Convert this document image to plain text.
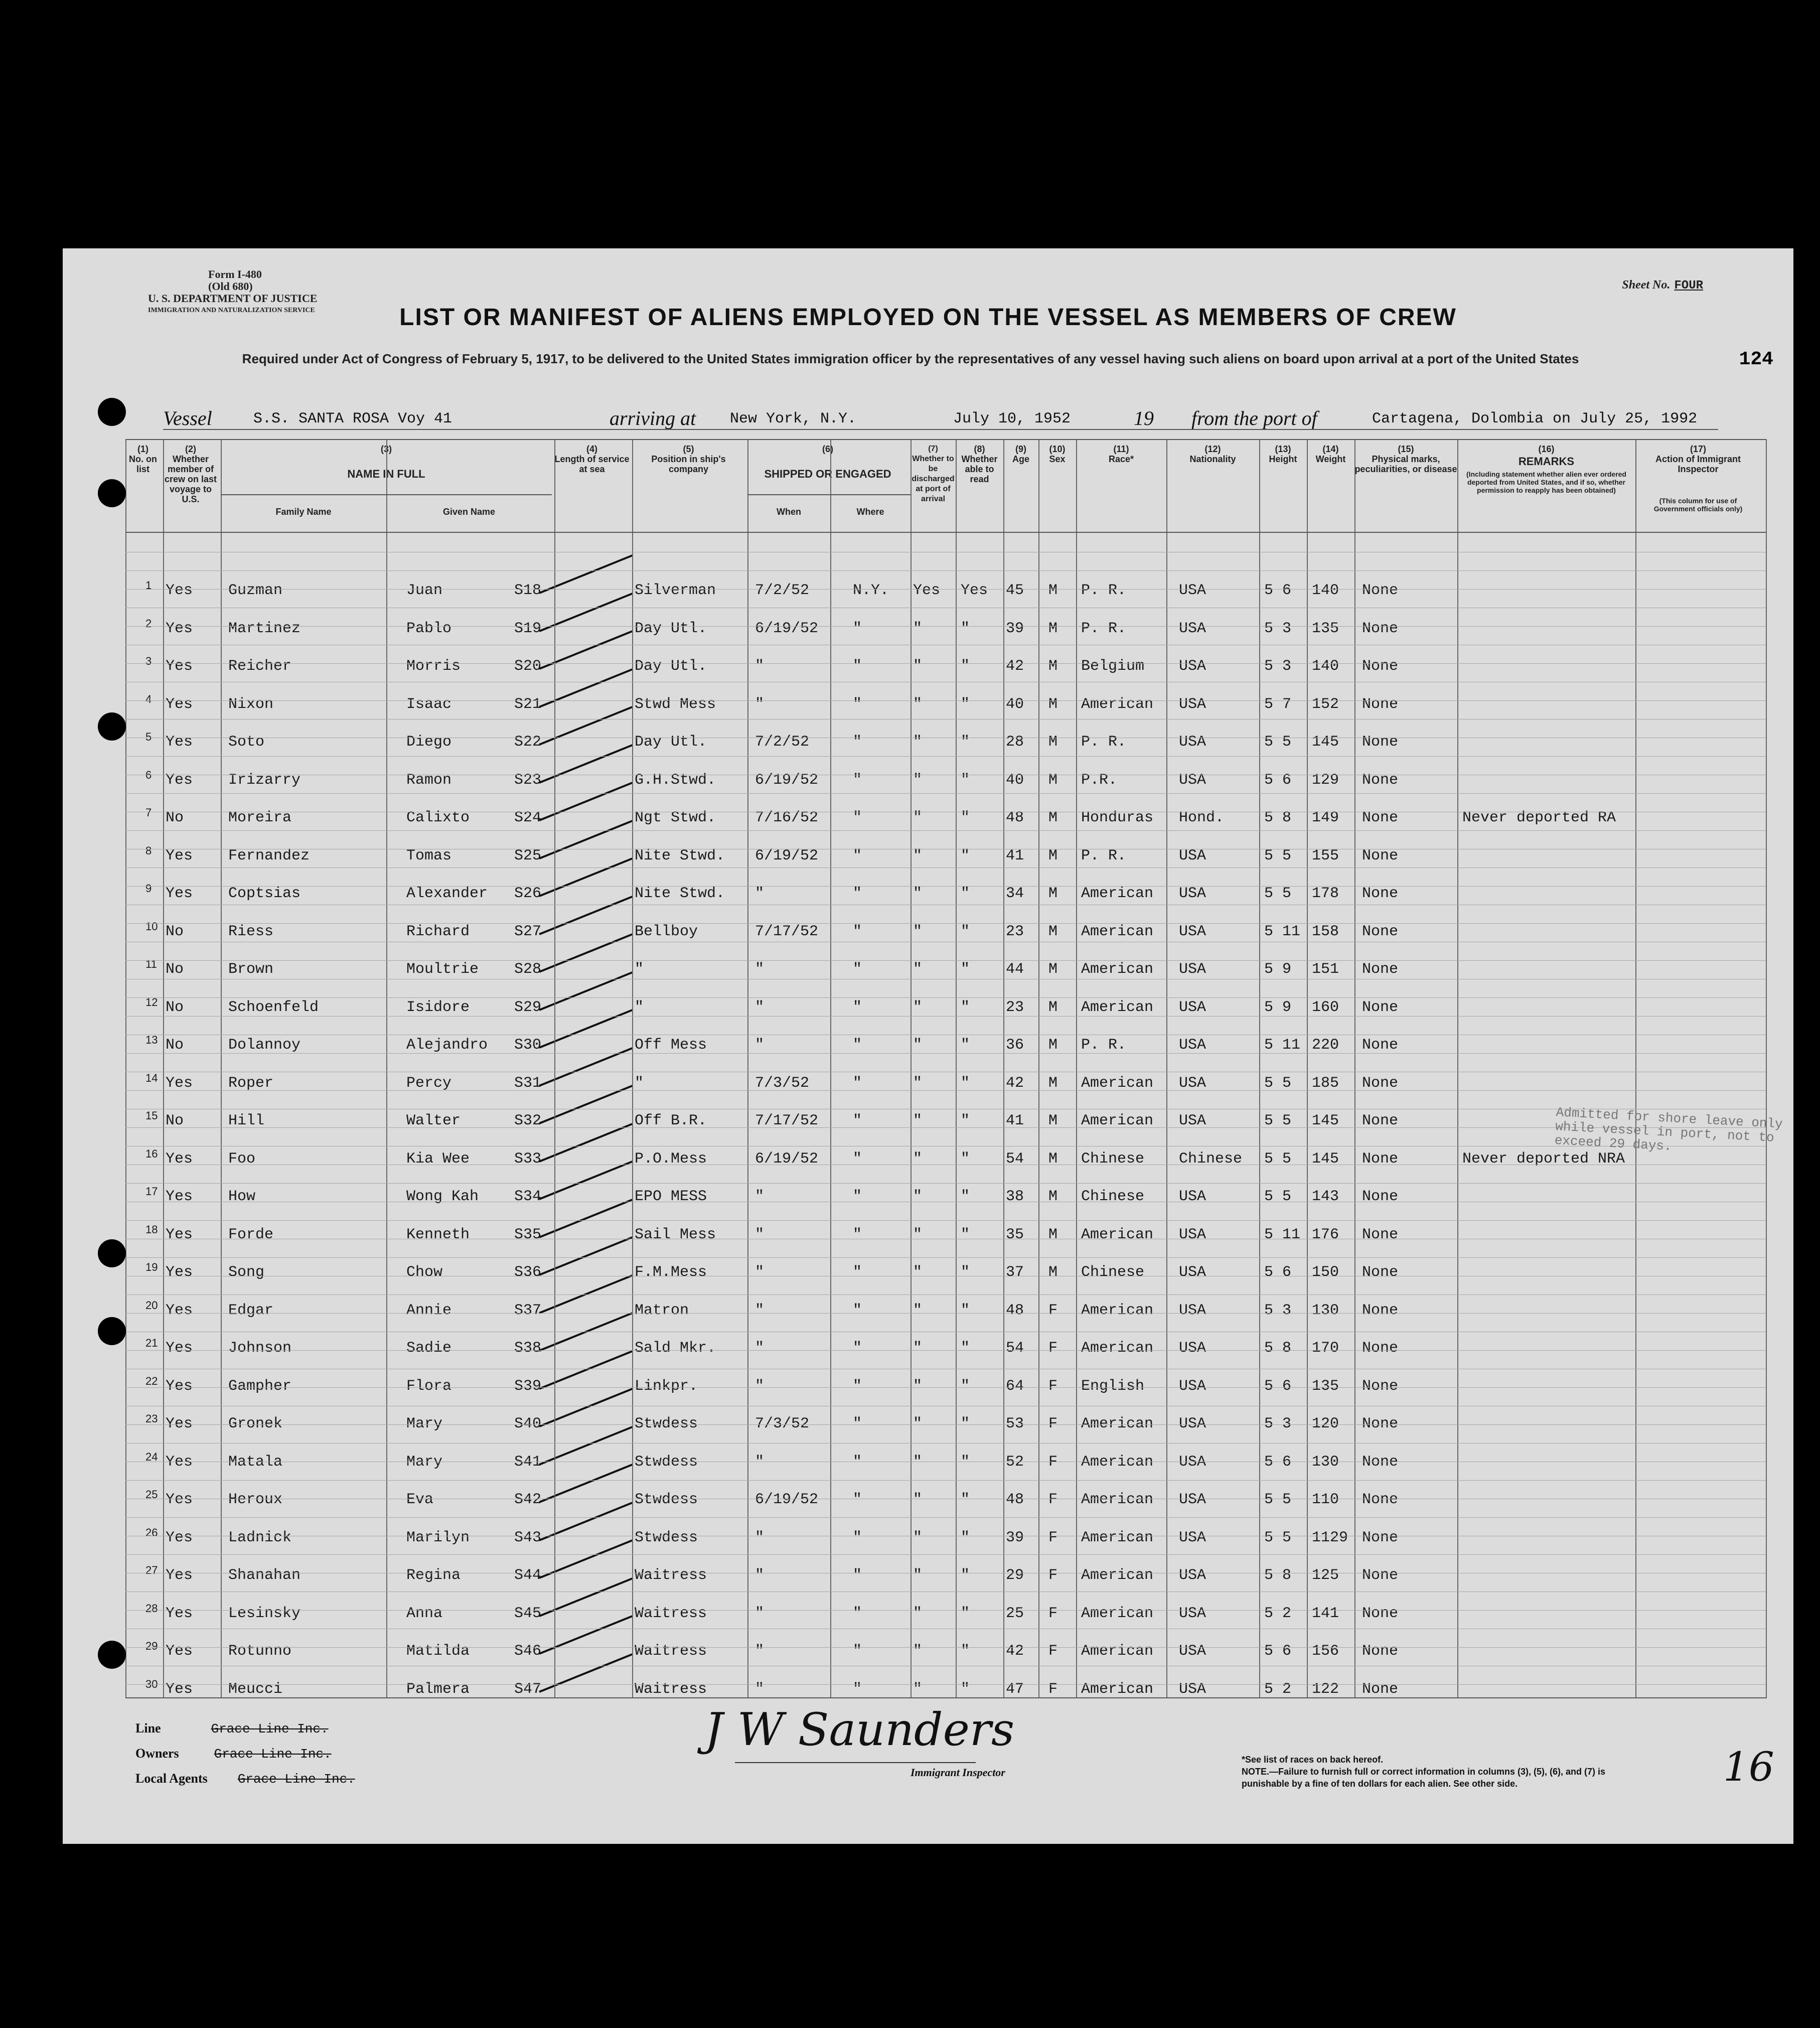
Form I-480
(Old 680)
U. S. DEPARTMENT OF JUSTICE
IMMIGRATION AND NATURALIZATION SERVICE
Sheet No. FOUR
LIST OR MANIFEST OF ALIENS EMPLOYED ON THE VESSEL AS MEMBERS OF CREW
Required under Act of Congress of February 5, 1917, to be delivered to the United States immigration officer by the representatives of any vessel having such aliens on board upon arrival at a port of the United States	124
Vessel	S.S. SANTA ROSA Voy 41	arriving at New York, N.Y.	July 10, 1952	19 from the port of	Cartagena, Dolombia on July 25, 1992
(1)
No. on list
(2)
Whether member of crew on last voyage to U.S.
(3)
NAME IN FULL
Family Name	Given Name
(4)
Length of service at sea
(5)
Position in ship's company
(6)
SHIPPED OR ENGAGED
When	Where
(7)
Whether to be discharged at port of arrival
(8)
Whether able to read
(9)
Age
(10)
Sex
(11)
Race*
(12)
Nationality
(13)
Height
(14)
Weight
(15)
Physical marks, peculiarities, or disease
(16)
REMARKS
(Including statement whether alien ever ordered deported from United States, and if so, whether permission to reapply has been obtained)
(17)
Action of Immigrant Inspector
(This column for use of Government officials only)
1 Yes Guzman	Juan	S18	Silverman	7/2/52	N.Y. Yes Yes 45 M P. R.	USA	5 6 140 None
2 Yes Martinez	Pablo	S19	Day Utl.	6/19/52 "	"	" 39 M P. R.	USA	5 3 135 None
3 Yes Reicher	Morris	S20	Day Utl.	"	"	"	" 42 M Belgium USA	5 3 140 None
4 Yes Nixon	Isaac	S21	Stwd Mess	"	"	"	" 40 M American USA	5 7 152 None
5 Yes Soto	Diego	S22	Day Utl.	7/2/52	"	"	" 28 M P. R.	USA	5 5 145 None
6 Yes Irizarry	Ramon	S23	G.H.Stwd.	6/19/52 "	"	" 40 M P.R.	USA	5 6 129 None
7 No	Moreira	Calixto	S24	Ngt Stwd.	7/16/52 "	"	" 48 M Honduras Hond.	5 8 149 None	Never deported RA
8 Yes Fernandez	Tomas	S25	Nite Stwd. 6/19/52 "	"	" 41 M P. R.	USA	5 5 155 None
9 Yes Coptsias	Alexander S26	Nite Stwd. "	"	"	" 34 M American USA	5 5 178 None
10 No	Riess	Richard	S27	Bellboy	7/17/52 "	"	" 23 M American USA	5 11 158 None
11 No	Brown	Moultrie S28	"	"	"	"	" 44 M American USA	5 9 151 None
12 No	Schoenfeld	Isidore	S29	"	"	"	"	" 23 M American USA	5 9 160 None
13 No	Dolannoy	Alejandro S30	Off Mess	"	"	"	" 36 M P. R.	USA	5 11 220 None
14 Yes Roper	Percy	S31	"	7/3/52	"	"	" 42 M American USA	5 5 185 None
15 No	Hill	Walter	S32	Off B.R.	7/17/52 "	"	" 41 M American USA	5 5 145 None
16 Yes Foo	Kia Wee	S33	P.O.Mess	6/19/52 "	"	" 54 M Chinese Chinese 5 5 145 None	Never deported NRA
17 Yes How	Wong Kah S34	EPO MESS	"	"	"	" 38 M Chinese USA	5 5 143 None
18 Yes Forde	Kenneth	S35	Sail Mess	"	"	"	" 35 M American USA	5 11 176 None
19 Yes Song	Chow	S36	F.M.Mess	"	"	"	" 37 M Chinese USA	5 6 150 None
20 Yes Edgar	Annie	S37	Matron	"	"	"	" 48 F American USA	5 3 130 None
21 Yes Johnson	Sadie	S38	Sald Mkr.	"	"	"	" 54 F American USA	5 8 170 None
22 Yes Gampher	Flora	S39	Linkpr.	"	"	"	" 64 F English USA	5 6 135 None
23 Yes Gronek	Mary	S40	Stwdess	7/3/52	"	"	" 53 F American USA	5 3 120 None
24 Yes Matala	Mary	S41	Stwdess	"	"	"	" 52 F American USA	5 6 130 None
25 Yes Heroux	Eva	S42	Stwdess	6/19/52 "	"	" 48 F American USA	5 5 110 None
26 Yes Ladnick	Marilyn	S43	Stwdess	"	"	"	" 39 F American USA	5 5 1129 None
27 Yes Shanahan	Regina	S44	Waitress	"	"	"	" 29 F American USA	5 8 125 None
28 Yes Lesinsky	Anna	S45	Waitress	"	"	"	" 25 F American USA	5 2 141 None
29 Yes Rotunno	Matilda	S46	Waitress	"	"	"	" 42 F American USA	5 6 156 None
30 Yes Meucci	Palmera	S47	Waitress	"	"	"	" 47 F American USA	5 2 122 None
Admitted for shore leave only while vessel in port, not to exceed 29 days.
Line	Grace Line Inc.
Owners	Grace Line Inc.
Local Agents Grace Line Inc.
J W Saunders
Immigrant Inspector
*See list of races on back hereof.
NOTE.—Failure to furnish full or correct information in columns (3), (5), (6), and (7) is punishable by a fine of ten dollars for each alien. See other side.	16
